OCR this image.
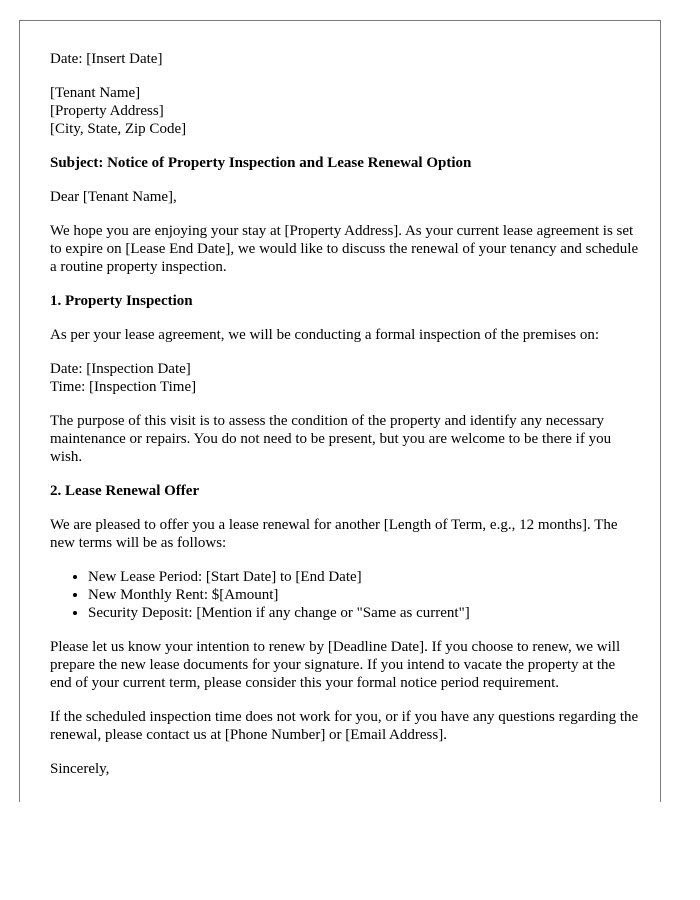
Date: [Insert Date]

[Tenant Name]
[Property Address]
[City, State, Zip Code]

Subject: Notice of Property Inspection and Lease Renewal Option

Dear [Tenant Name],

We hope you are enjoying your stay at [Property Address]. As your current lease agreement is set to expire on [Lease End Date], we would like to discuss the renewal of your tenancy and schedule a routine property inspection.

1. Property Inspection

As per your lease agreement, we will be conducting a formal inspection of the premises on:

Date: [Inspection Date]
Time: [Inspection Time]

The purpose of this visit is to assess the condition of the property and identify any necessary maintenance or repairs. You do not need to be present, but you are welcome to be there if you wish.

2. Lease Renewal Offer

We are pleased to offer you a lease renewal for another [Length of Term, e.g., 12 months]. The new terms will be as follows:

• New Lease Period: [Start Date] to [End Date]
• New Monthly Rent: $[Amount]
• Security Deposit: [Mention if any change or "Same as current"]

Please let us know your intention to renew by [Deadline Date]. If you choose to renew, we will prepare the new lease documents for your signature. If you intend to vacate the property at the end of your current term, please consider this your formal notice period requirement.

If the scheduled inspection time does not work for you, or if you have any questions regarding the renewal, please contact us at [Phone Number] or [Email Address].

Sincerely,
